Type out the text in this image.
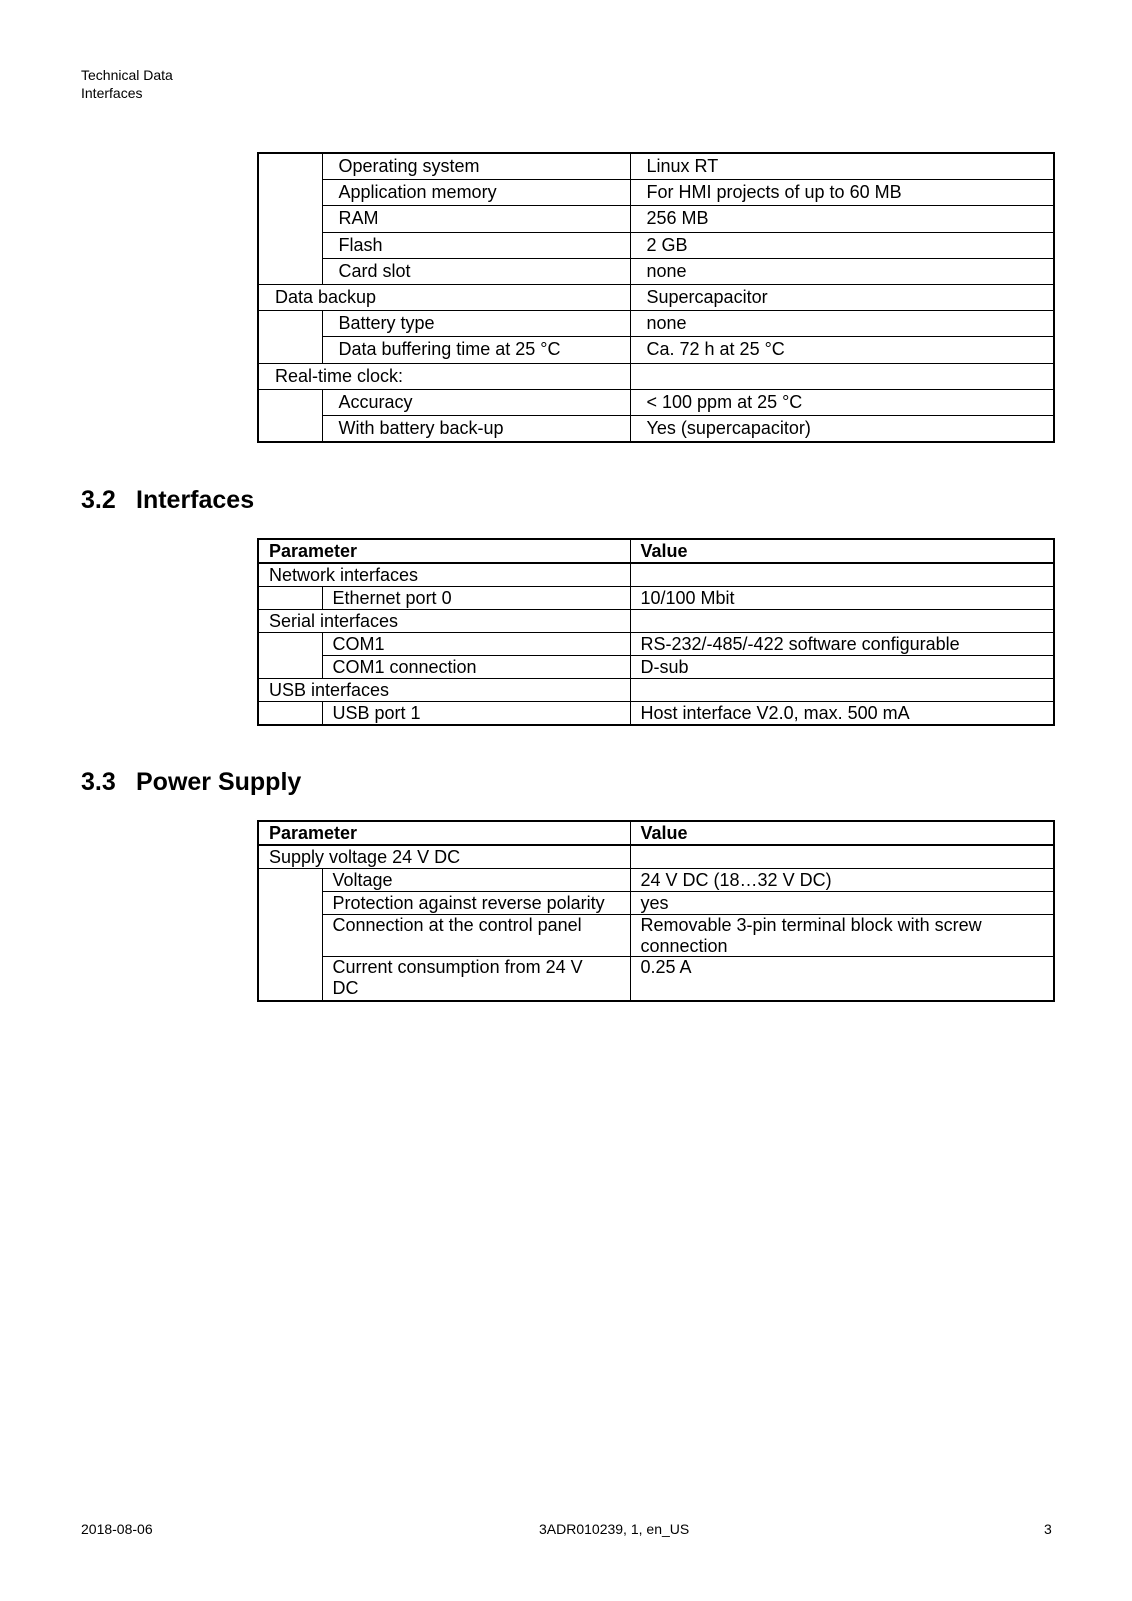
Technical Data
Interfaces
	Operating system	Linux RT
	Application memory	For HMI projects of up to 60 MB
	RAM	256 MB
	Flash	2 GB
	Card slot	none
Data backup		Supercapacitor
	Battery type	none
	Data buffering time at 25 °C	Ca. 72 h at 25 °C
Real-time clock:		
	Accuracy	< 100 ppm at 25 °C
	With battery back-up	Yes (supercapacitor)
3.2 Interfaces
Parameter		Value
Network interfaces		
	Ethernet port 0	10/100 Mbit
Serial interfaces		
	COM1	RS-232/-485/-422 software configurable
	COM1 connection	D-sub
USB interfaces		
	USB port 1	Host interface V2.0, max. 500 mA
3.3 Power Supply
Parameter		Value
Supply voltage 24 V DC		
	Voltage	24 V DC (18…32 V DC)
	Protection against reverse polarity	yes
	Connection at the control panel	Removable 3-pin terminal block with screw connection
	Current consumption from 24 V DC	0.25 A
2018-08-06	3ADR010239, 1, en_US	3
